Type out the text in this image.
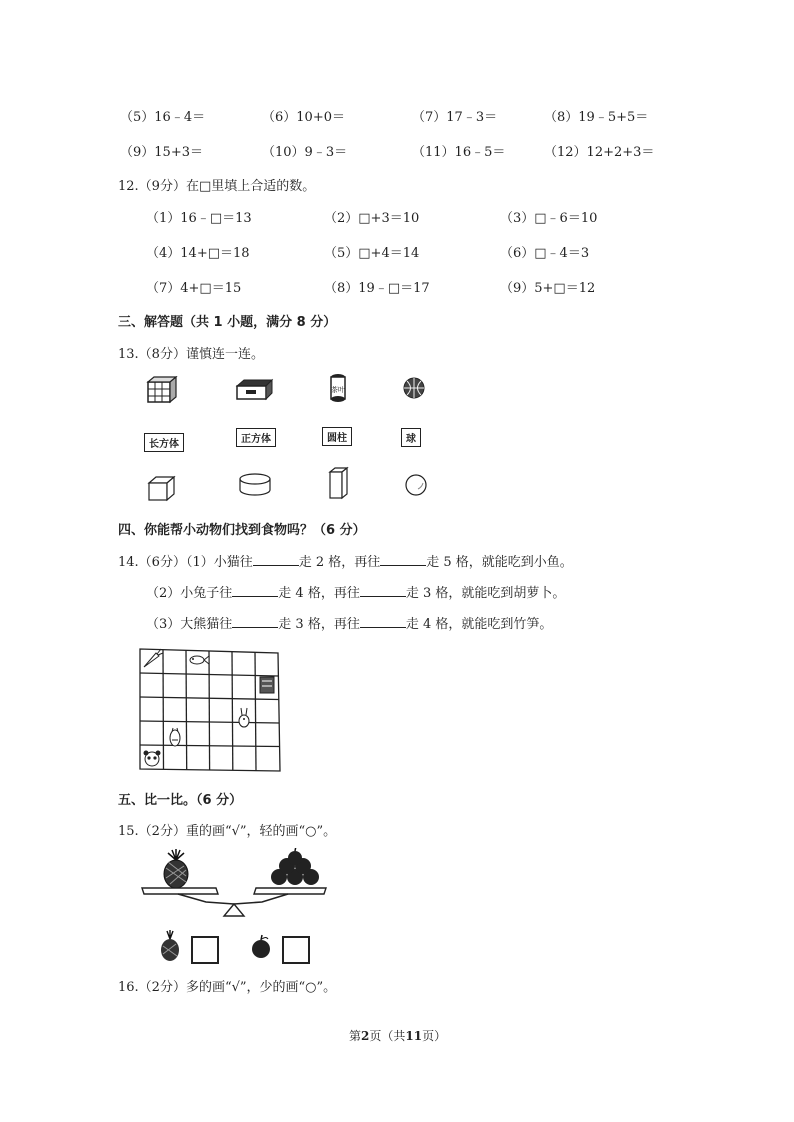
（5）16﹣4＝	（6）10+0＝	（7）17﹣3＝	（8）19﹣5+5＝
（9）15+3＝	（10）9﹣3＝	（11）16﹣5＝	（12）12+2+3＝
12.（9分）在□里填上合适的数。
（1）16﹣□＝13	（2）□+3＝10	（3）□﹣6＝10
（4）14+□＝18	（5）□+4＝14	（6）□﹣4＝3
（7）4+□＝15	（8）19﹣□＝17	（9）5+□＝12
三、解答题（共 1 小题，满分 8 分）
13.（8分）谨慎连一连。
茶叶
长方体	正方体	圆柱	球
四、你能帮小动物们找到食物吗？（6 分）
14.（6分）（1）小猫往	走 2 格，再往	走 5 格，就能吃到小鱼。
（2）小兔子往	走 4 格，再往	走 3 格，就能吃到胡萝卜。
（3）大熊猫往	走 3 格，再往	走 4 格，就能吃到竹笋。
五、比一比。（6 分）
15.（2分）重的画“√”，轻的画“○”。
16.（2分）多的画“√”，少的画“○”。
第2页（共11页）
